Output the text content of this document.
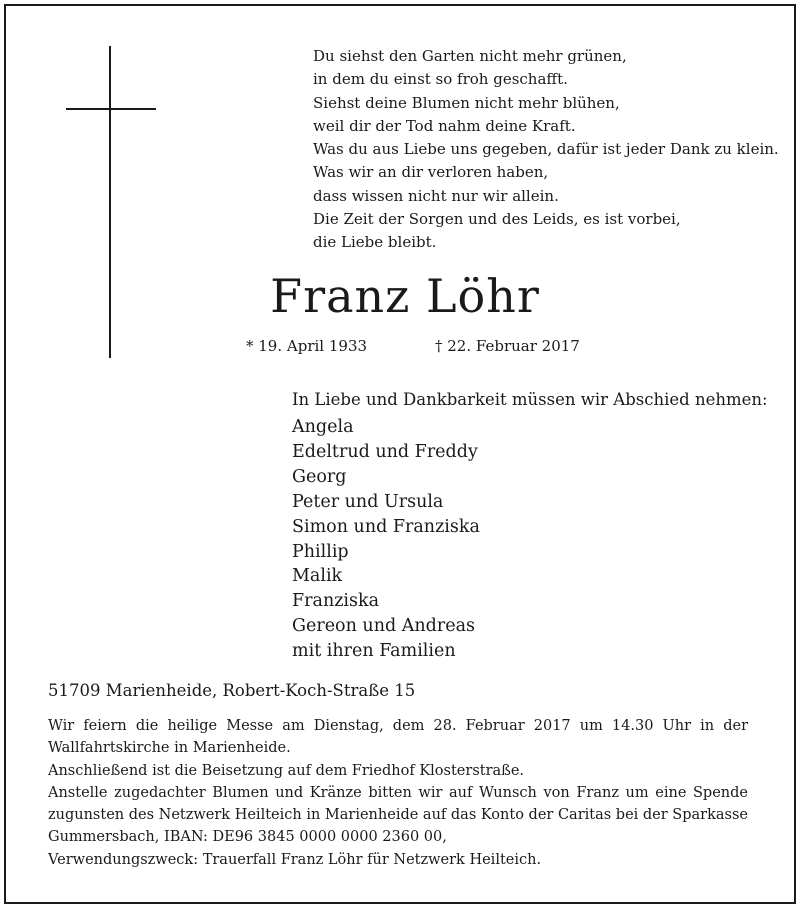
Du siehst den Garten nicht mehr grünen,
in dem du einst so froh geschafft.
Siehst deine Blumen nicht mehr blühen,
weil dir der Tod nahm deine Kraft.
Was du aus Liebe uns gegeben, dafür ist jeder Dank zu klein.
Was wir an dir verloren haben,
dass wissen nicht nur wir allein.
Die Zeit der Sorgen und des Leids, es ist vorbei,
die Liebe bleibt.
Franz Löhr
* 19. April 1933	† 22. Februar 2017
In Liebe und Dankbarkeit müssen wir Abschied nehmen:
Angela
Edeltrud und Freddy
Georg
Peter und Ursula
Simon und Franziska
Phillip
Malik
Franziska
Gereon und Andreas
mit ihren Familien
51709 Marienheide, Robert-Koch-Straße 15

Wir feiern die heilige Messe am Dienstag, dem 28. Februar 2017 um 14.30 Uhr in der Wallfahrtskirche in Marienheide.

Anschließend ist die Beisetzung auf dem Friedhof Klosterstraße.

Anstelle zugedachter Blumen und Kränze bitten wir auf Wunsch von Franz um eine Spende zugunsten des Netzwerk Heilteich in Marienheide auf das Konto der Caritas bei der Sparkasse Gummersbach, IBAN: DE96 3845 0000 0000 2360 00,

Verwendungszweck: Trauerfall Franz Löhr für Netzwerk Heilteich.
